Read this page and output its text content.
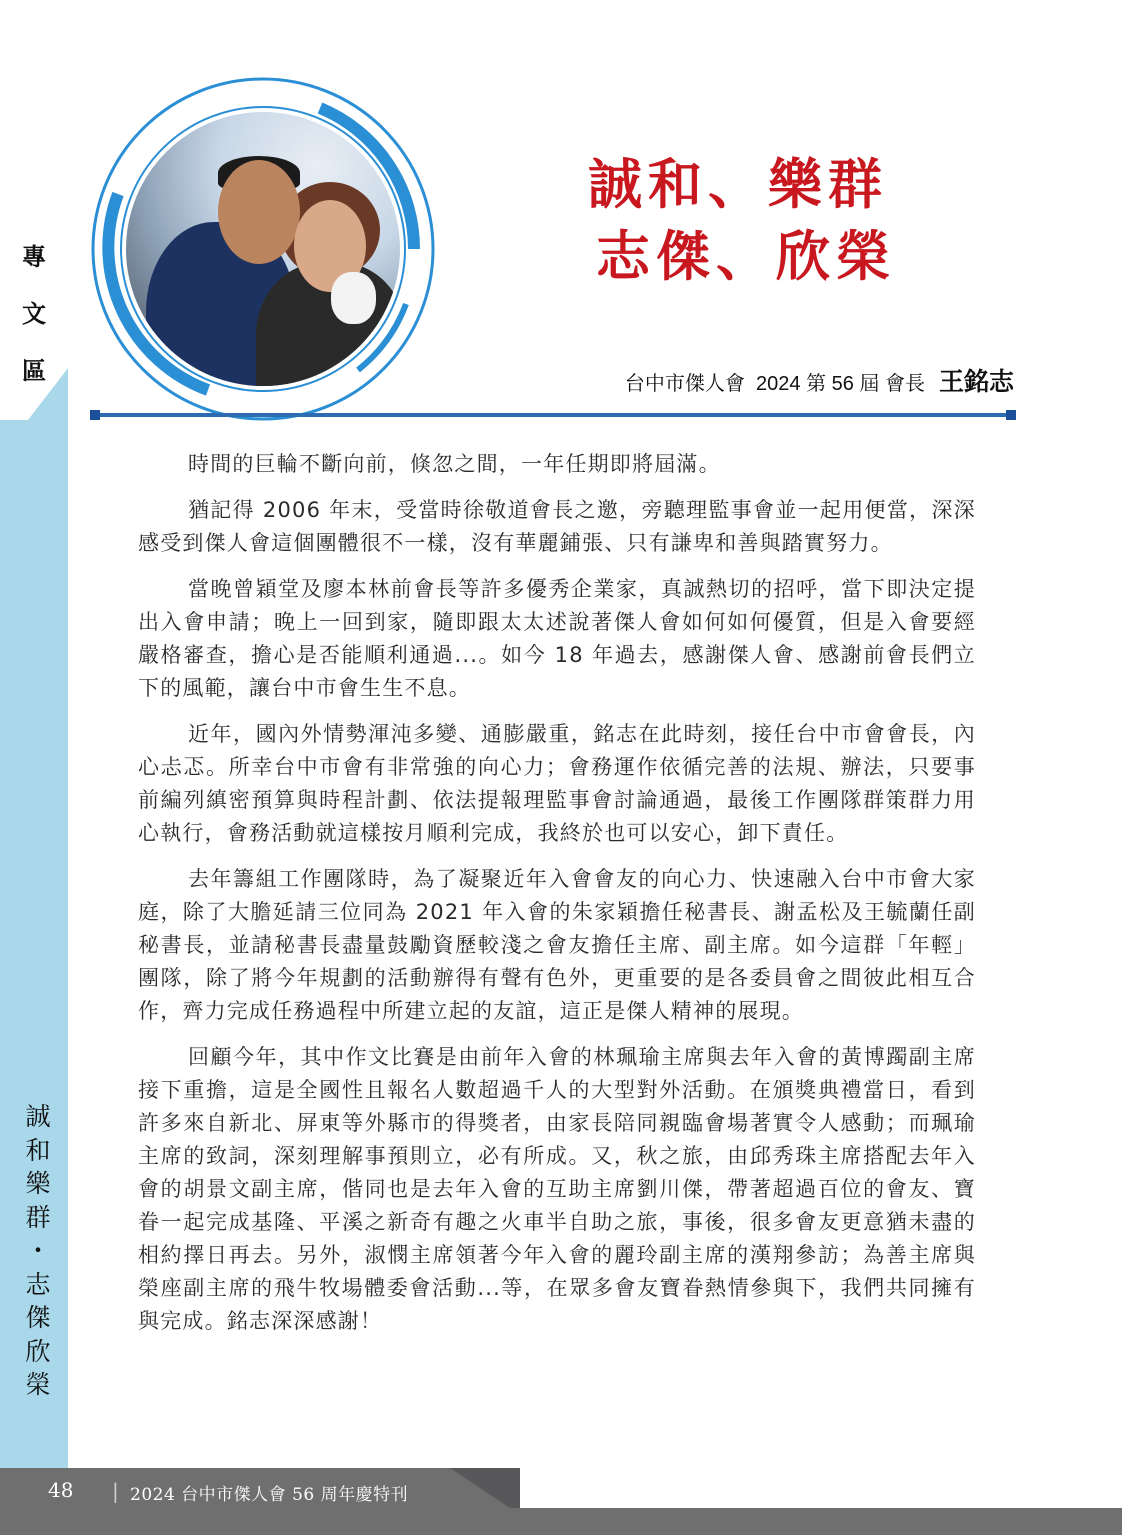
專
文
區
誠
和
樂
群
・
志
傑
欣
榮
誠和、樂群
志傑、欣榮
台中市傑人會  2024 第 56 屆 會長 王銘志

時間的巨輪不斷向前，倏忽之間，一年任期即將屆滿。

猶記得 2006 年末，受當時徐敬道會長之邀，旁聽理監事會並一起用便當，深深感受到傑人會這個團體很不一樣，沒有華麗鋪張、只有謙卑和善與踏實努力。

當晚曾穎堂及廖本林前會長等許多優秀企業家，真誠熱切的招呼，當下即決定提出入會申請；晚上一回到家，隨即跟太太述說著傑人會如何如何優質，但是入會要經嚴格審查，擔心是否能順利通過...。如今 18 年過去，感謝傑人會、感謝前會長們立下的風範，讓台中市會生生不息。

近年，國內外情勢渾沌多變、通膨嚴重，銘志在此時刻，接任台中市會會長，內心忐忑。所幸台中市會有非常強的向心力；會務運作依循完善的法規、辦法，只要事前編列縝密預算與時程計劃、依法提報理監事會討論通過，最後工作團隊群策群力用心執行，會務活動就這樣按月順利完成，我終於也可以安心，卸下責任。

去年籌組工作團隊時，為了凝聚近年入會會友的向心力、快速融入台中市會大家庭，除了大膽延請三位同為 2021 年入會的朱家穎擔任秘書長、謝孟松及王毓蘭任副秘書長，並請秘書長盡量鼓勵資歷較淺之會友擔任主席、副主席。如今這群「年輕」團隊，除了將今年規劃的活動辦得有聲有色外，更重要的是各委員會之間彼此相互合作，齊力完成任務過程中所建立起的友誼，這正是傑人精神的展現。

回顧今年，其中作文比賽是由前年入會的林珮瑜主席與去年入會的黃博躅副主席接下重擔，這是全國性且報名人數超過千人的大型對外活動。在頒獎典禮當日，看到許多來自新北、屏東等外縣市的得獎者，由家長陪同親臨會場著實令人感動；而珮瑜主席的致詞，深刻理解事預則立，必有所成。又，秋之旅，由邱秀珠主席搭配去年入會的胡景文副主席，偕同也是去年入會的互助主席劉川傑，帶著超過百位的會友、寶眷一起完成基隆、平溪之新奇有趣之火車半自助之旅，事後，很多會友更意猶未盡的相約擇日再去。另外，淑憫主席領著今年入會的麗玲副主席的漢翔參訪；為善主席與榮座副主席的飛牛牧場體委會活動...等，在眾多會友寶眷熱情參與下，我們共同擁有與完成。銘志深深感謝！

48 | 2024 台中市傑人會 56 周年慶特刊
